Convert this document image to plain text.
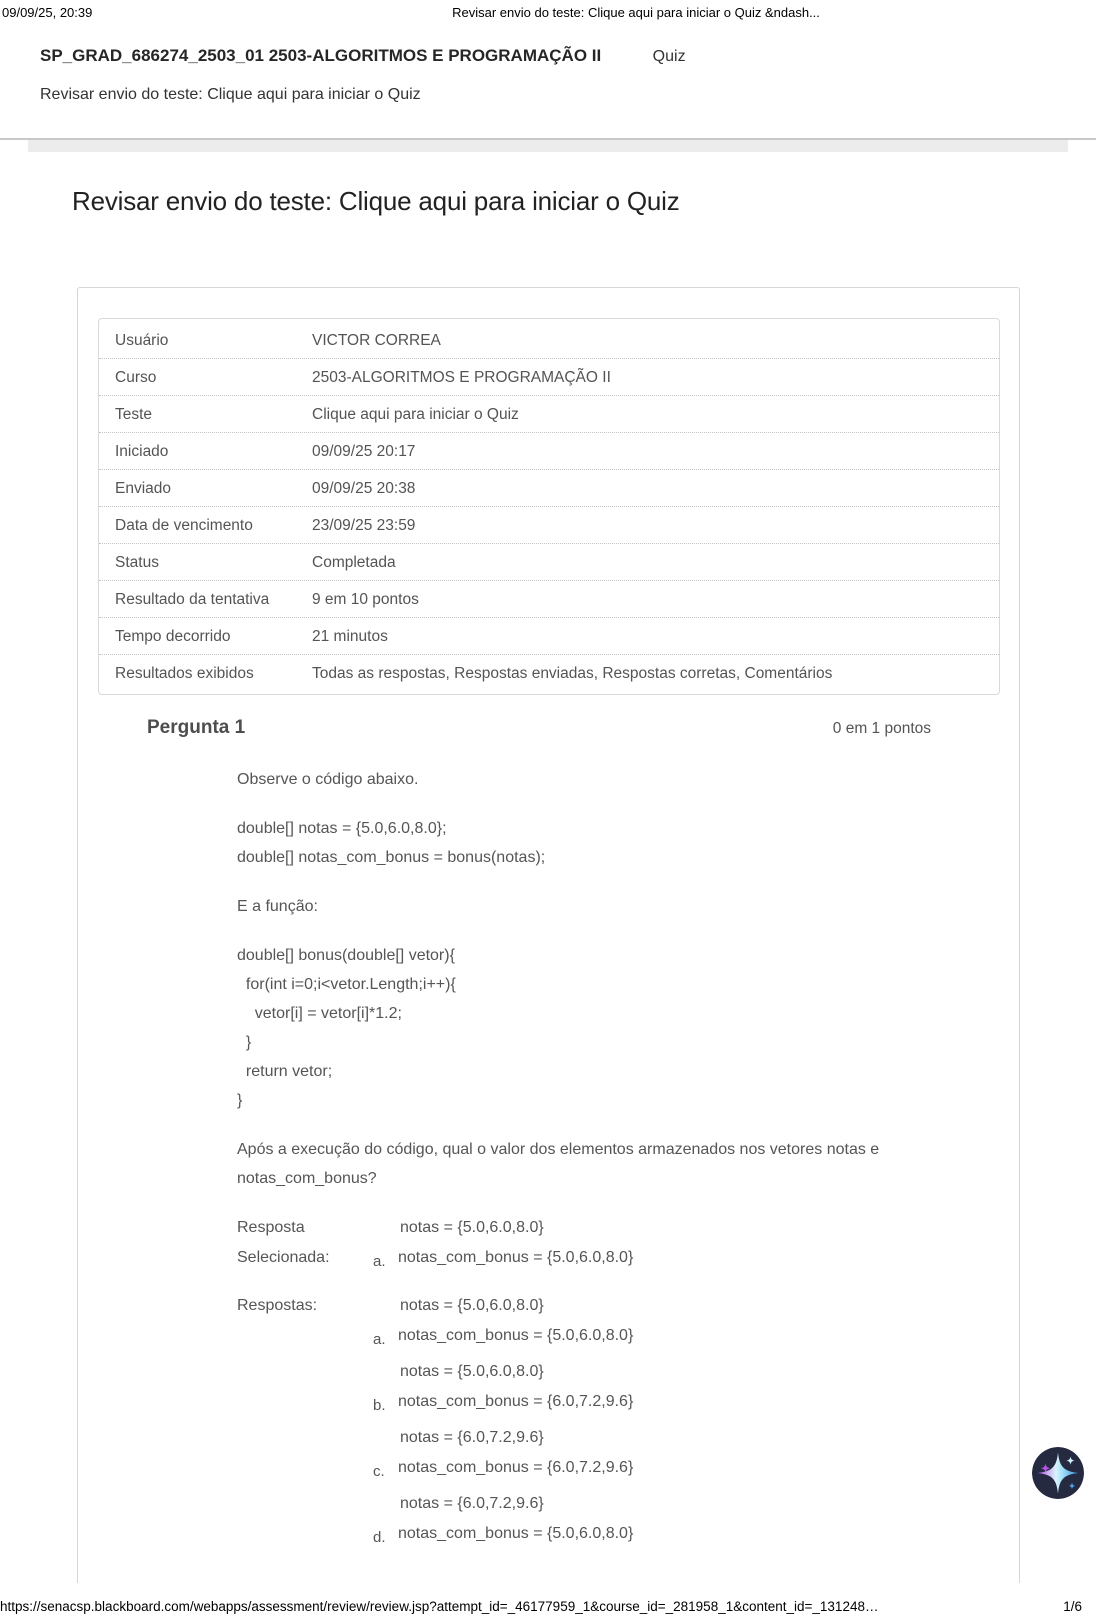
09/09/25, 20:39	Revisar envio do teste: Clique aqui para iniciar o Quiz &ndash...
SP_GRAD_686274_2503_01 2503-ALGORITMOS E PROGRAMAÇÃO II	Quiz
Revisar envio do teste: Clique aqui para iniciar o Quiz
Revisar envio do teste: Clique aqui para iniciar o Quiz
Usuário	VICTOR CORREA
Curso	2503-ALGORITMOS E PROGRAMAÇÃO II
Teste	Clique aqui para iniciar o Quiz
Iniciado	09/09/25 20:17
Enviado	09/09/25 20:38
Data de vencimento	23/09/25 23:59
Status	Completada
Resultado da tentativa	9 em 10 pontos
Tempo decorrido	21 minutos
Resultados exibidos	Todas as respostas, Respostas enviadas, Respostas corretas, Comentários
Pergunta 1	0 em 1 pontos
Observe o código abaixo.
double[] notas = {5.0,6.0,8.0};
double[] notas_com_bonus = bonus(notas);
E a função:
double[] bonus(double[] vetor){
for(int i=0;i<vetor.Length;i++){
vetor[i] = vetor[i]*1.2;
}
return vetor;
}
Após a execução do código, qual o valor dos elementos armazenados nos vetores notas e notas_com_bonus?
Resposta
Selecionada:	a.
notas = {5.0,6.0,8.0}
notas_com_bonus = {5.0,6.0,8.0}
Respostas:
a.
notas = {5.0,6.0,8.0}
notas_com_bonus = {5.0,6.0,8.0}
b.
notas = {5.0,6.0,8.0}
notas_com_bonus = {6.0,7.2,9.6}
c.
notas = {6.0,7.2,9.6}
notas_com_bonus = {6.0,7.2,9.6}
d.
notas = {6.0,7.2,9.6}
notas_com_bonus = {5.0,6.0,8.0}
https://senacsp.blackboard.com/webapps/assessment/review/review.jsp?attempt_id=_46177959_1&course_id=_281958_1&content_id=_131248…	1/6
